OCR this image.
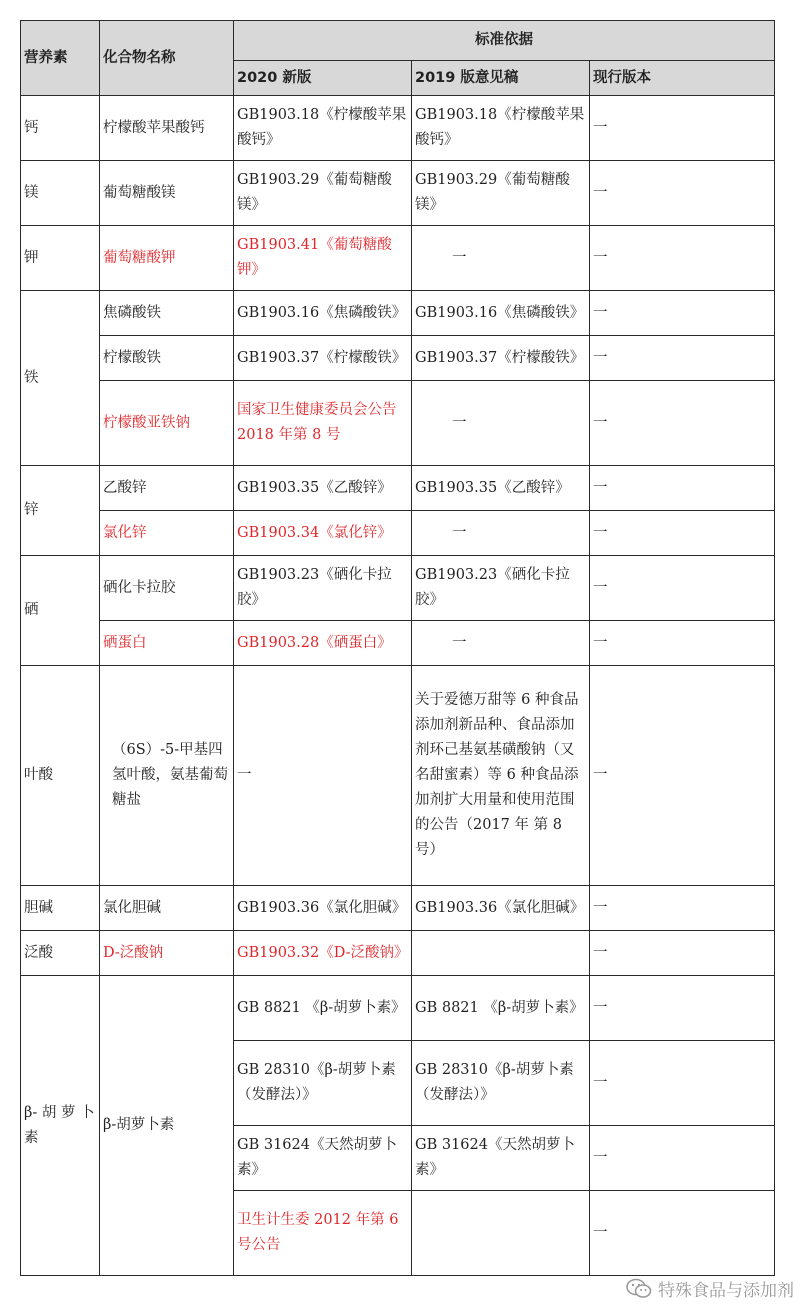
营养素	化合物名称	标准依据		
		2020 新版	2019 版意见稿	现行版本
钙	柠檬酸苹果酸钙	GB1903.18《柠檬酸苹果酸钙》	GB1903.18《柠檬酸苹果酸钙》	一
镁	葡萄糖酸镁	GB1903.29《葡萄糖酸镁》	GB1903.29《葡萄糖酸镁》	一
钾	葡萄糖酸钾	GB1903.41《葡萄糖酸钾》	一	一
铁	焦磷酸铁	GB1903.16《焦磷酸铁》	GB1903.16《焦磷酸铁》	一
	柠檬酸铁	GB1903.37《柠檬酸铁》	GB1903.37《柠檬酸铁》	一
	柠檬酸亚铁钠	国家卫生健康委员会公告 2018 年第 8 号	一	一
锌	乙酸锌	GB1903.35《乙酸锌》	GB1903.35《乙酸锌》	一
	氯化锌	GB1903.34《氯化锌》	一	一
硒	硒化卡拉胶	GB1903.23《硒化卡拉胶》	GB1903.23《硒化卡拉胶》	一
	硒蛋白	GB1903.28《硒蛋白》	一	一
叶酸	（6S）-5-甲基四氢叶酸，氨基葡萄糖盐	一	关于爱德万甜等 6 种食品添加剂新品种、食品添加剂环己基氨基磺酸钠（又名甜蜜素）等 6 种食品添加剂扩大用量和使用范围的公告（2017 年 第 8 号）	一
胆碱	氯化胆碱	GB1903.36《氯化胆碱》	GB1903.36《氯化胆碱》	一
泛酸	D-泛酸钠	GB1903.32《D-泛酸钠》		一
β- 胡 萝 卜 素	β-胡萝卜素	GB 8821 《β-胡萝卜素》	GB 8821 《β-胡萝卜素》	一
		GB 28310《β-胡萝卜素（发酵法）》	GB 28310《β-胡萝卜素（发酵法）》	一
		GB 31624《天然胡萝卜素》	GB 31624《天然胡萝卜素》	一
		卫生计生委 2012 年第 6 号公告		一
特殊食品与添加剂
